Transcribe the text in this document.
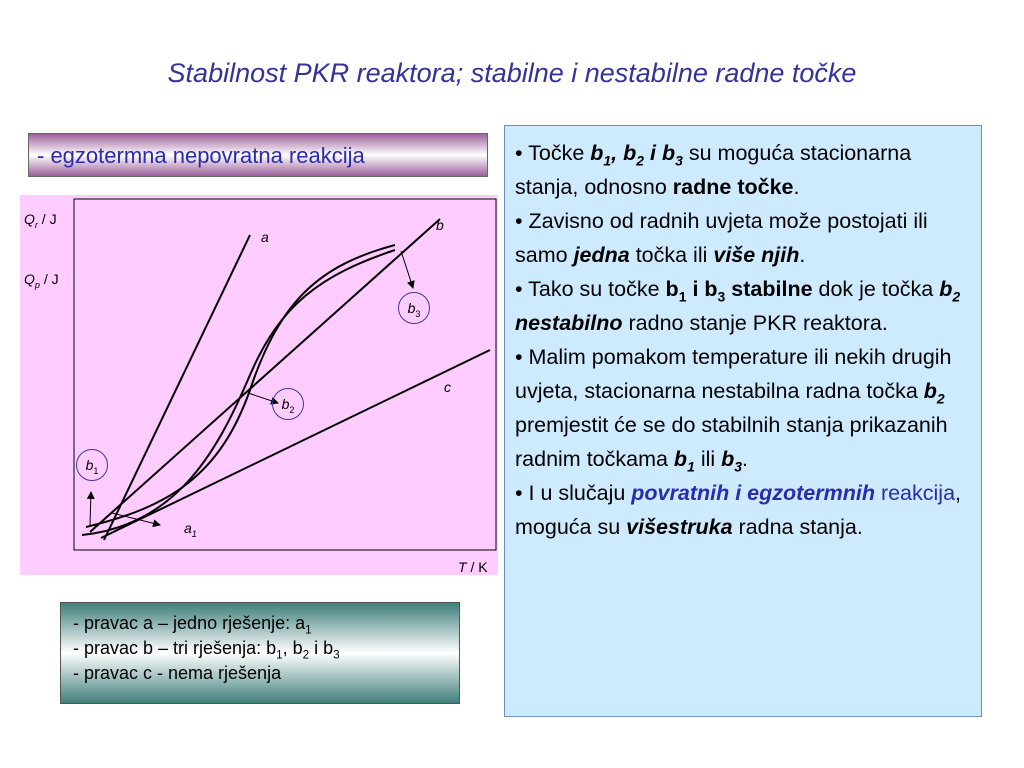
Stabilnost PKR reaktora; stabilne i nestabilne radne točke
- egzotermna nepovratna reakcija
$Q_r$ / J
$Q_p$ / J
T / K
a
b
c
$a_1$
$b_1$
$b_2$
$b_3$
- pravac a – jedno rješenje: $a_1$
- pravac b – tri rješenja: $b_1$, $b_2$ i $b_3$
- pravac c - nema rješenja

• Točke $b_1$, $b_2$ i $b_3$ su moguća stacionarna stanja, odnosno radne točke.

• Zavisno od radnih uvjeta može postojati ili samo jedna točka ili više njih.

• Tako su točke $b_1$ i $b_3$ stabilne dok je točka $b_2$ nestabilno radno stanje PKR reaktora.

• Malim pomakom temperature ili nekih drugih uvjeta, stacionarna nestabilna radna točka $b_2$ premjestit će se do stabilnih stanja prikazanih radnim točkama $b_1$ ili $b_3$.

• I u slučaju povratnih i egzotermnih reakcija, moguća su višestruka radna stanja.
